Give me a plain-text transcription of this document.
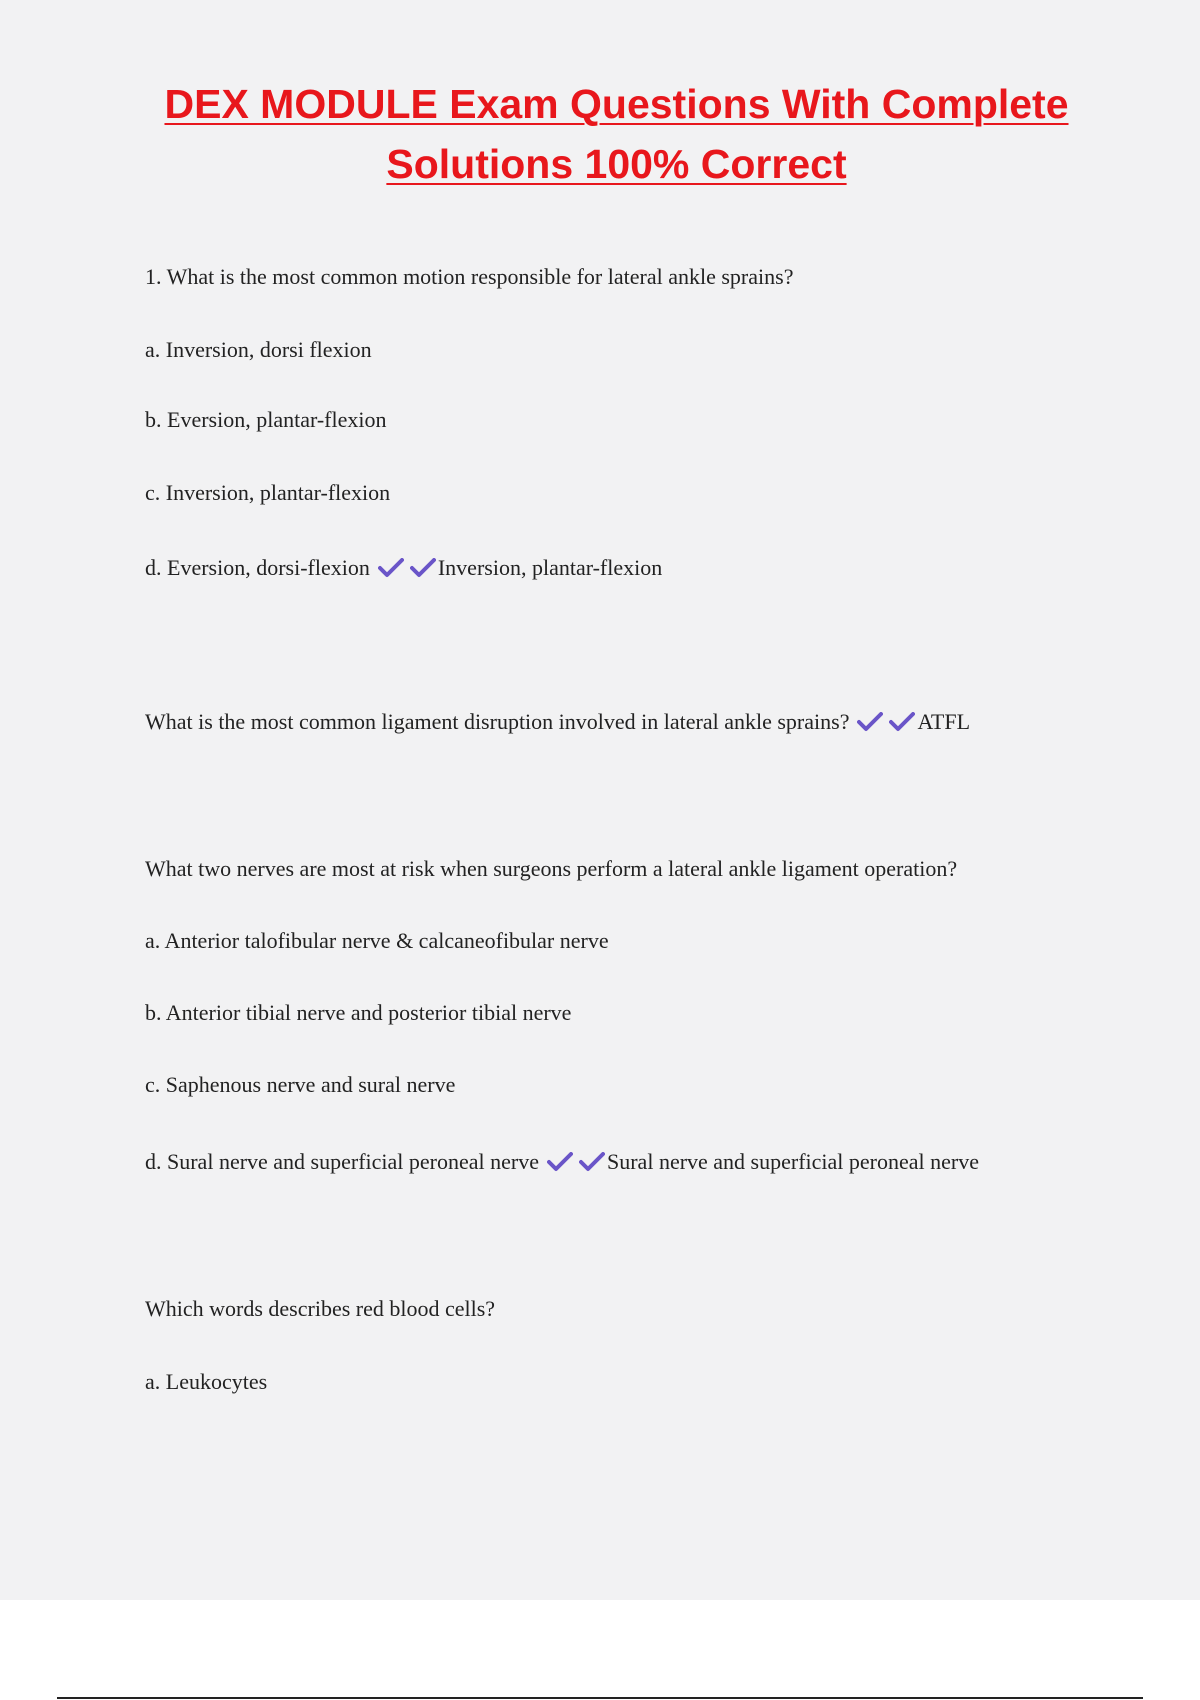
DEX MODULE Exam Questions With Complete
Solutions 100% Correct
1. What is the most common motion responsible for lateral ankle sprains?
a. Inversion, dorsi flexion
b. Eversion, plantar-flexion
c. Inversion, plantar-flexion
d. Eversion, dorsi-flexion	Inversion, plantar-flexion
What is the most common ligament disruption involved in lateral ankle sprains?	ATFL
What two nerves are most at risk when surgeons perform a lateral ankle ligament operation?
a. Anterior talofibular nerve & calcaneofibular nerve
b. Anterior tibial nerve and posterior tibial nerve
c. Saphenous nerve and sural nerve
d. Sural nerve and superficial peroneal nerve	Sural nerve and superficial peroneal nerve
Which words describes red blood cells?
a. Leukocytes
